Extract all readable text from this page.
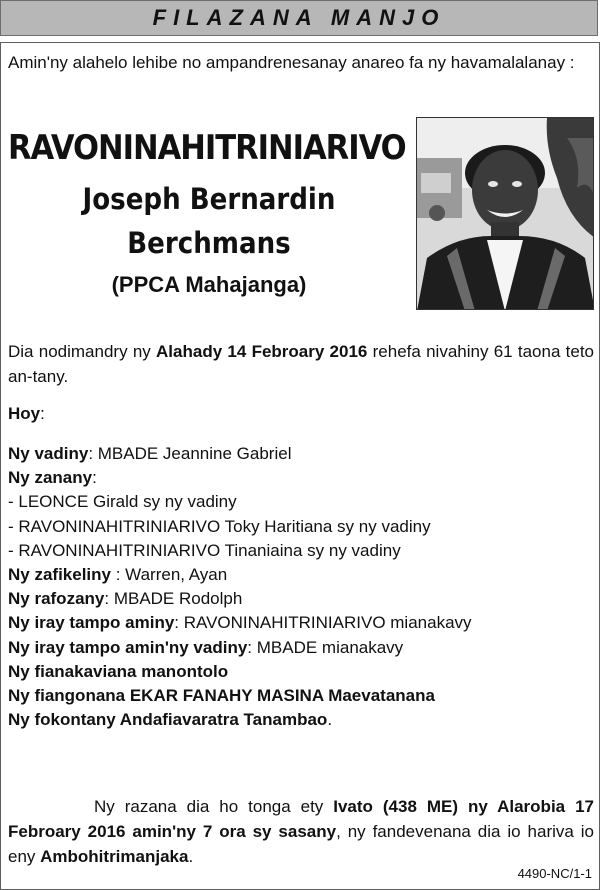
FILAZANA MANJO
Amin'ny alahelo lehibe no ampandrenesanay anareo fa ny havamalalanay :
RAVONINAHITRINIARIVO
Joseph Bernardin
Berchmans
(PPCA Mahajanga)
Dia nodimandry ny Alahady 14 Febroary 2016 rehefa nivahiny 61 taona teto an-tany.
Hoy:
Ny vadiny: MBADE Jeannine Gabriel
Ny zanany:
- LEONCE Girald sy ny vadiny
- RAVONINAHITRINIARIVO Toky Haritiana sy ny vadiny
- RAVONINAHITRINIARIVO Tinaniaina sy ny vadiny
Ny zafikeliny : Warren, Ayan
Ny rafozany: MBADE Rodolph
Ny iray tampo aminy: RAVONINAHITRINIARIVO mianakavy
Ny iray tampo amin'ny vadiny: MBADE mianakavy
Ny fianakaviana manontolo
Ny fiangonana EKAR FANAHY MASINA Maevatanana
Ny fokontany Andafiavaratra Tanambao.
Ny razana dia ho tonga ety Ivato (438 ME) ny Alarobia 17 Febroary 2016 amin'ny 7 ora sy sasany, ny fandevenana dia io hariva io eny Ambohitrimanjaka.
4490-NC/1-1
